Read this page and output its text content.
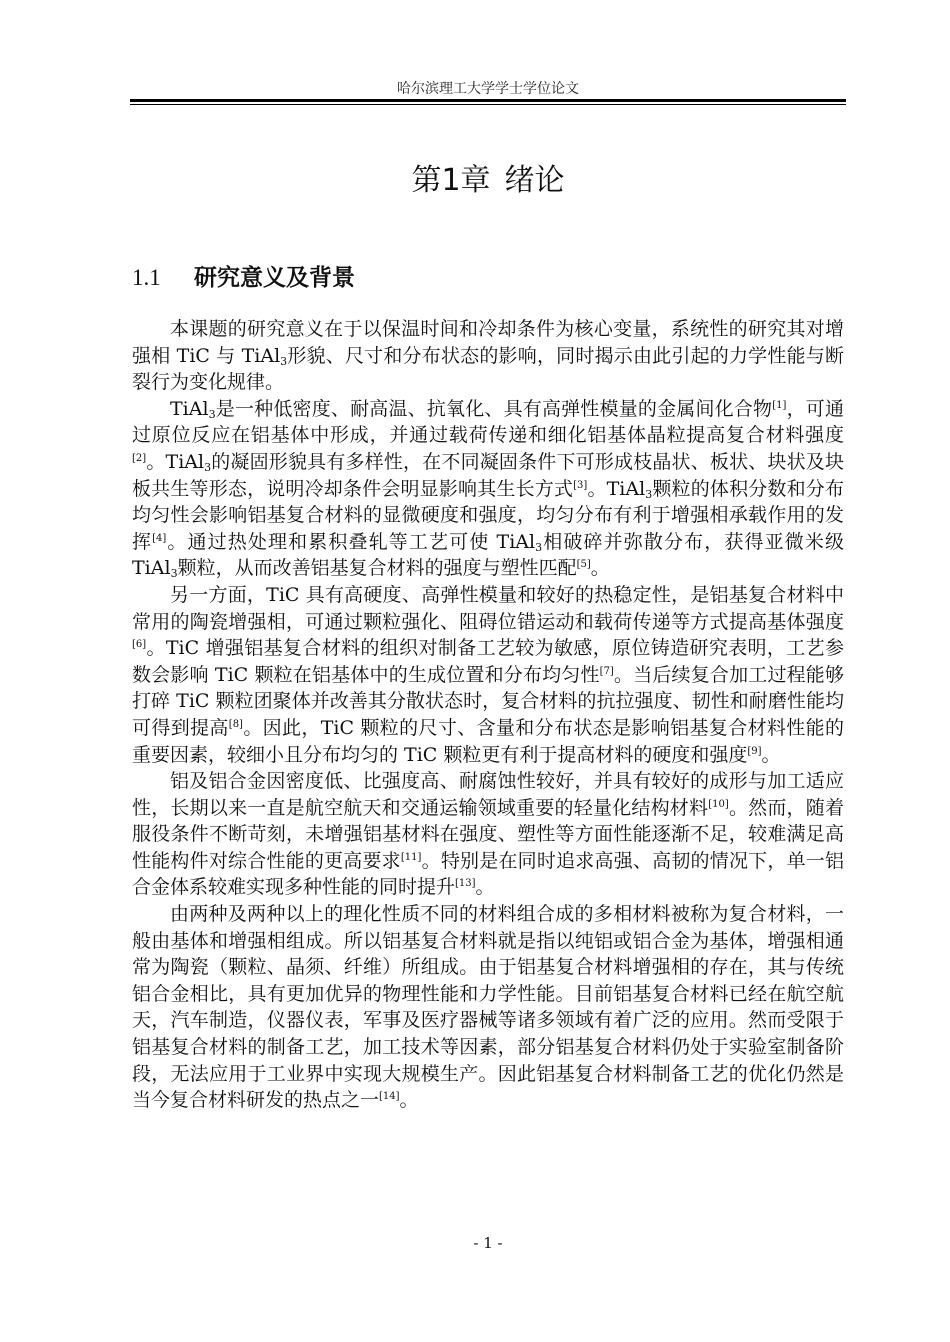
哈尔滨理工大学学士学位论文
第1章 绪论
1.1 研究意义及背景

本课题的研究意义在于以保温时间和冷却条件为核心变量，系统性的研究其对增强相 TiC 与 TiAl$_3$形貌、尺寸和分布状态的影响，同时揭示由此引起的力学性能与断裂行为变化规律。

TiAl$_3$是一种低密度、耐高温、抗氧化、具有高弹性模量的金属间化合物[1]，可通过原位反应在铝基体中形成，并通过载荷传递和细化铝基体晶粒提高复合材料强度[2]。TiAl$_3$的凝固形貌具有多样性，在不同凝固条件下可形成枝晶状、板状、块状及块板共生等形态，说明冷却条件会明显影响其生长方式[3]。TiAl$_3$颗粒的体积分数和分布均匀性会影响铝基复合材料的显微硬度和强度，均匀分布有利于增强相承载作用的发挥[4]。通过热处理和累积叠轧等工艺可使 TiAl$_3$相破碎并弥散分布，获得亚微米级 TiAl$_3$颗粒，从而改善铝基复合材料的强度与塑性匹配[5]。

另一方面，TiC 具有高硬度、高弹性模量和较好的热稳定性，是铝基复合材料中常用的陶瓷增强相，可通过颗粒强化、阻碍位错运动和载荷传递等方式提高基体强度[6]。TiC 增强铝基复合材料的组织对制备工艺较为敏感，原位铸造研究表明，工艺参数会影响 TiC 颗粒在铝基体中的生成位置和分布均匀性[7]。当后续复合加工过程能够打碎 TiC 颗粒团聚体并改善其分散状态时，复合材料的抗拉强度、韧性和耐磨性能均可得到提高[8]。因此，TiC 颗粒的尺寸、含量和分布状态是影响铝基复合材料性能的重要因素，较细小且分布均匀的 TiC 颗粒更有利于提高材料的硬度和强度[9]。

铝及铝合金因密度低、比强度高、耐腐蚀性较好，并具有较好的成形与加工适应性，长期以来一直是航空航天和交通运输领域重要的轻量化结构材料[10]。然而，随着服役条件不断苛刻，未增强铝基材料在强度、塑性等方面性能逐渐不足，较难满足高性能构件对综合性能的更高要求[11]。特别是在同时追求高强、高韧的情况下，单一铝合金体系较难实现多种性能的同时提升[13]。

由两种及两种以上的理化性质不同的材料组合成的多相材料被称为复合材料，一般由基体和增强相组成。所以铝基复合材料就是指以纯铝或铝合金为基体，增强相通常为陶瓷（颗粒、晶须、纤维）所组成。由于铝基复合材料增强相的存在，其与传统铝合金相比，具有更加优异的物理性能和力学性能。目前铝基复合材料已经在航空航天，汽车制造，仪器仪表，军事及医疗器械等诸多领域有着广泛的应用。然而受限于铝基复合材料的制备工艺，加工技术等因素，部分铝基复合材料仍处于实验室制备阶段，无法应用于工业界中实现大规模生产。因此铝基复合材料制备工艺的优化仍然是当今复合材料研发的热点之一[14]。

- 1 -
